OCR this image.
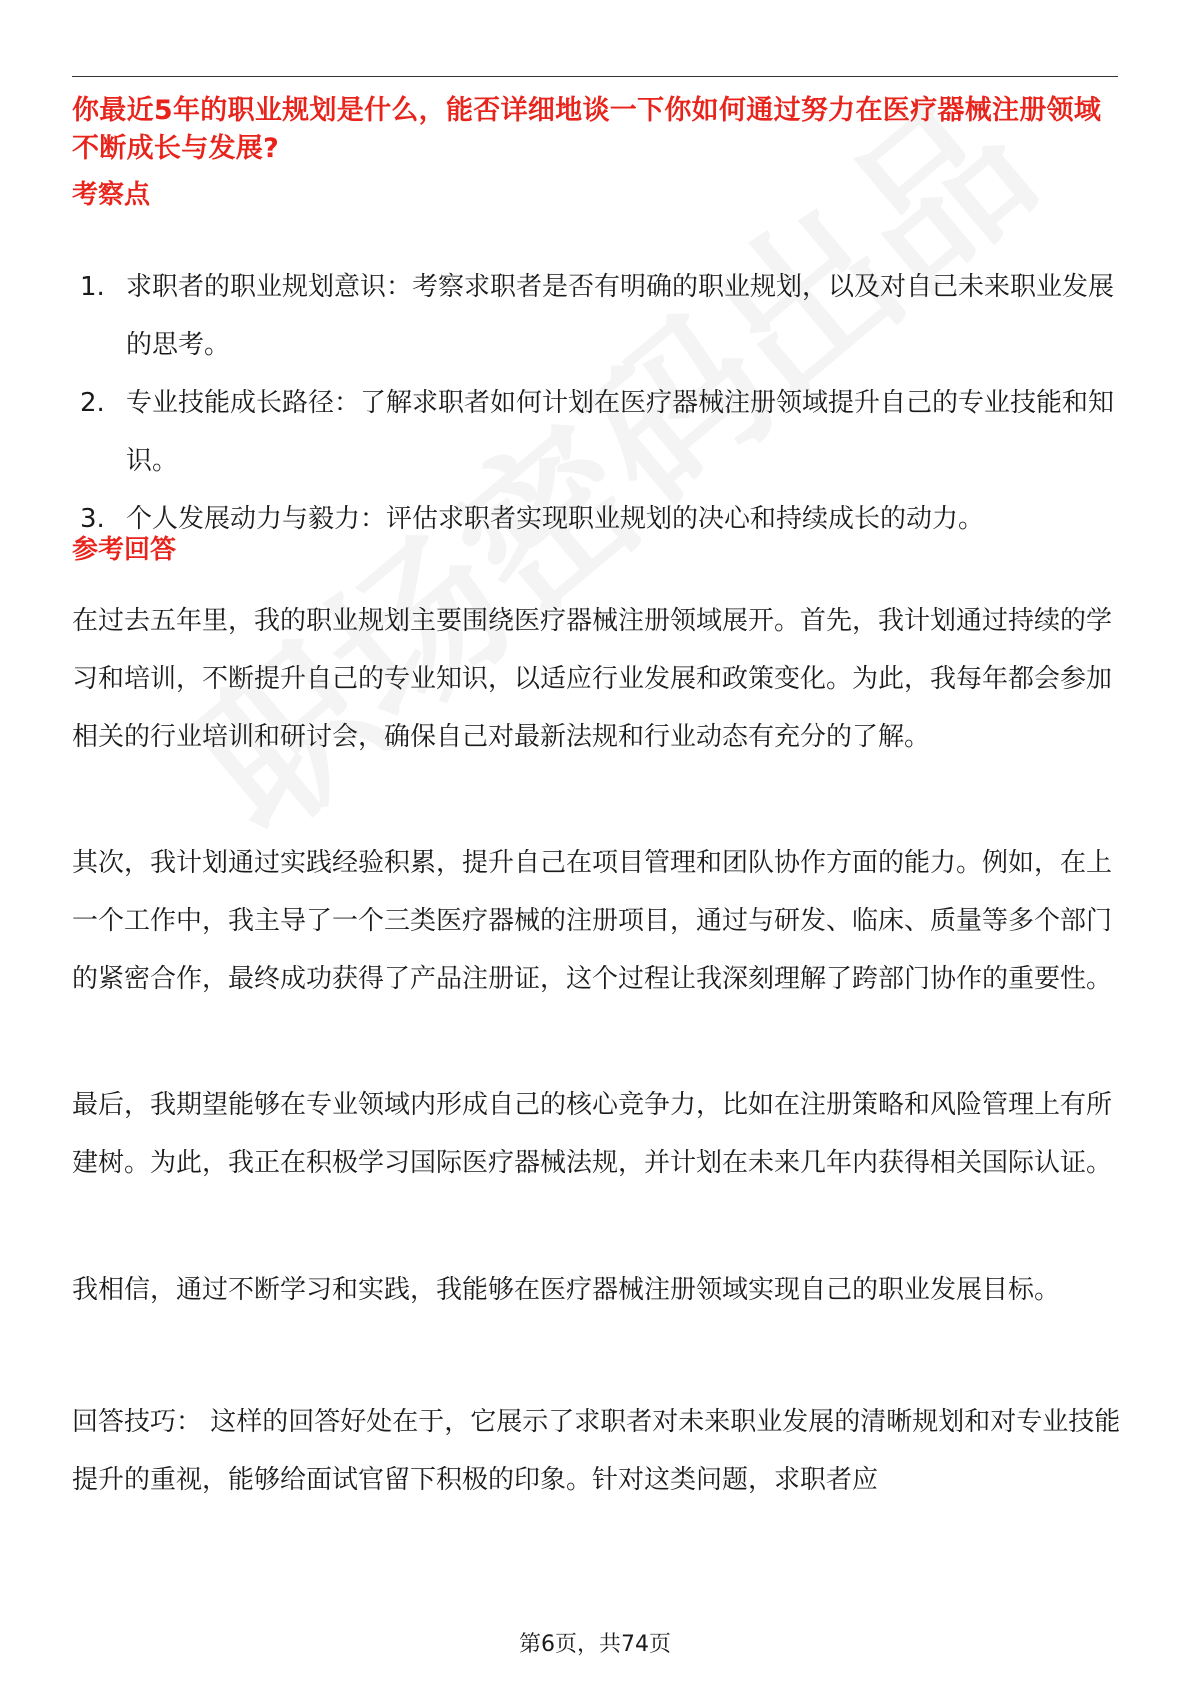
你最近5年的职业规划是什么，能否详细地谈一下你如何通过努力在医疗器械注册领域不断成长与发展?
考察点
1. 求职者的职业规划意识：考察求职者是否有明确的职业规划，以及对自己未来职业发展的思考。
2. 专业技能成长路径：了解求职者如何计划在医疗器械注册领域提升自己的专业技能和知识。
3. 个人发展动力与毅力：评估求职者实现职业规划的决心和持续成长的动力。
参考回答

在过去五年里，我的职业规划主要围绕医疗器械注册领域展开。首先，我计划通过持续的学习和培训，不断提升自己的专业知识，以适应行业发展和政策变化。为此，我每年都会参加相关的行业培训和研讨会，确保自己对最新法规和行业动态有充分的了解。

其次，我计划通过实践经验积累，提升自己在项目管理和团队协作方面的能力。例如，在上一个工作中，我主导了一个三类医疗器械的注册项目，通过与研发、临床、质量等多个部门的紧密合作，最终成功获得了产品注册证，这个过程让我深刻理解了跨部门协作的重要性。

最后，我期望能够在专业领域内形成自己的核心竞争力，比如在注册策略和风险管理上有所建树。为此，我正在积极学习国际医疗器械法规，并计划在未来几年内获得相关国际认证。

我相信，通过不断学习和实践，我能够在医疗器械注册领域实现自己的职业发展目标。

回答技巧： 这样的回答好处在于，它展示了求职者对未来职业发展的清晰规划和对专业技能提升的重视，能够给面试官留下积极的印象。针对这类问题，求职者应

第6页，共74页
